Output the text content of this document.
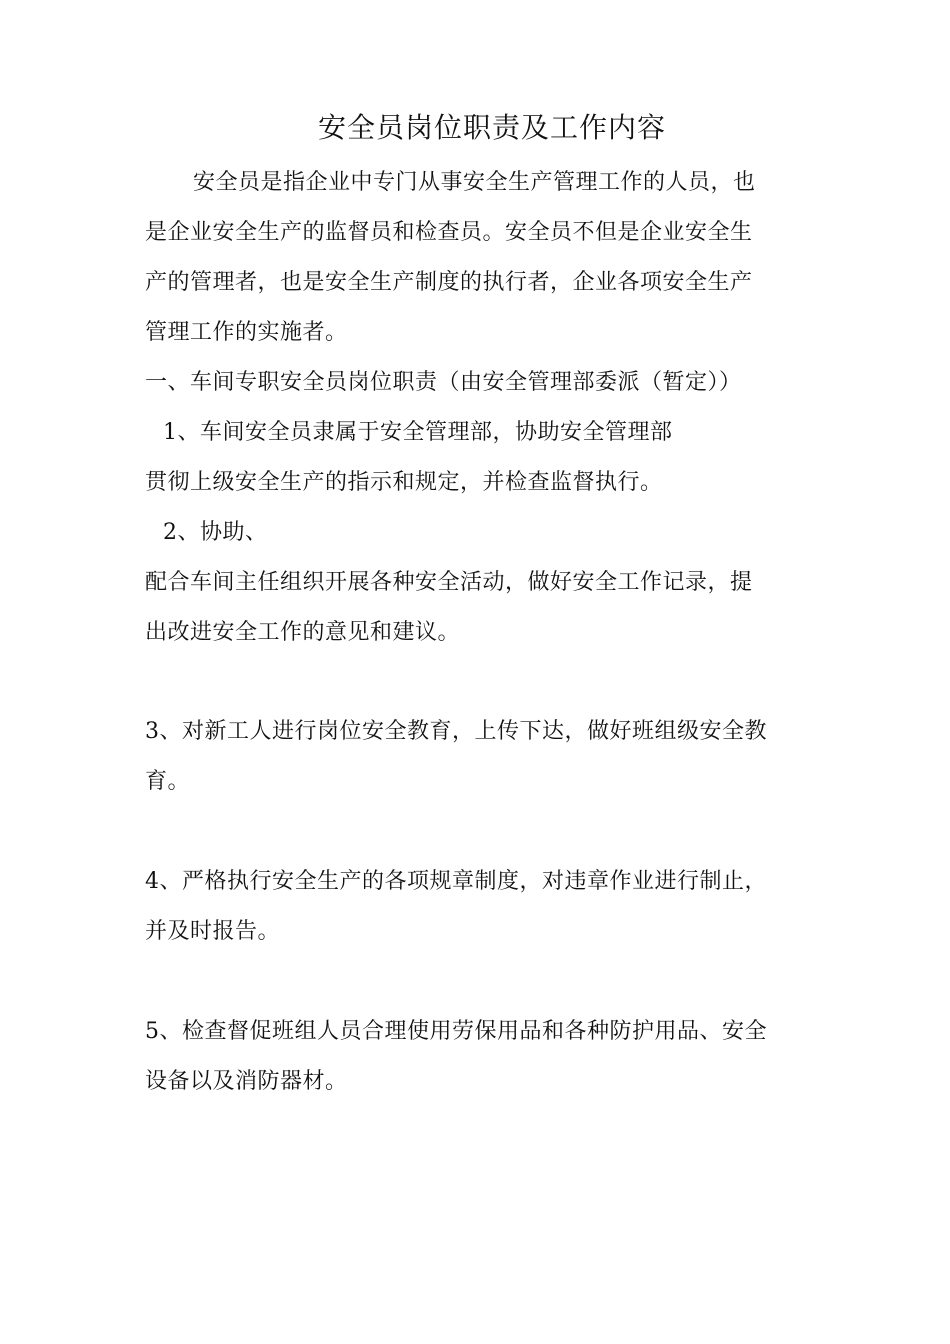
安全员岗位职责及工作内容
安全员是指企业中专门从事安全生产管理工作的人员，也
是企业安全生产的监督员和检查员。安全员不但是企业安全生
产的管理者，也是安全生产制度的执行者，企业各项安全生产
管理工作的实施者。
一、车间专职安全员岗位职责（由安全管理部委派（暂定））
1、车间安全员隶属于安全管理部，协助安全管理部
贯彻上级安全生产的指示和规定，并检查监督执行。
2、协助、
配合车间主任组织开展各种安全活动，做好安全工作记录，提
出改进安全工作的意见和建议。
3、对新工人进行岗位安全教育，上传下达，做好班组级安全教
育。
4、严格执行安全生产的各项规章制度，对违章作业进行制止，
并及时报告。
5、检查督促班组人员合理使用劳保用品和各种防护用品、安全
设备以及消防器材。
